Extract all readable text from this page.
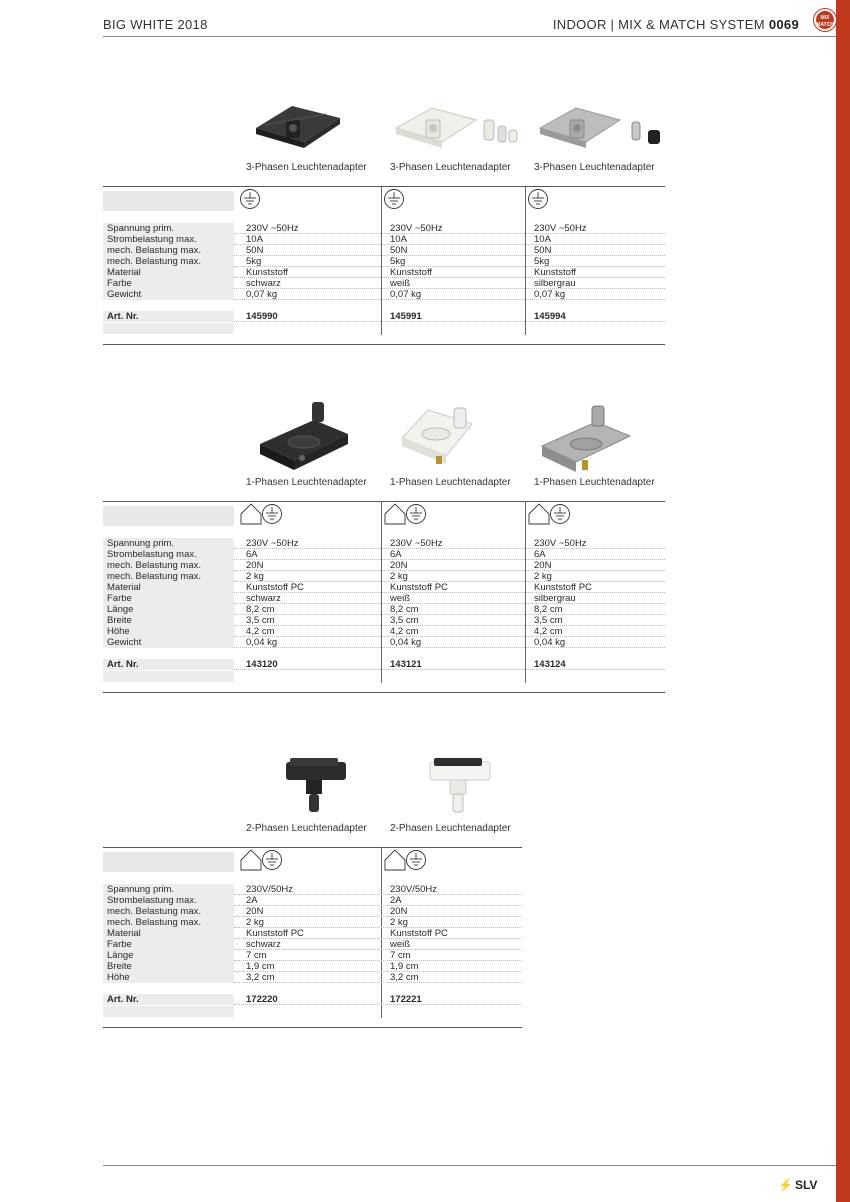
BIG WHITE 2018	INDOOR | MIX & MATCH SYSTEM 0069	MIX
MATCH
3-Phasen Leuchtenadapter 3-Phasen Leuchtenadapter 3-Phasen Leuchtenadapter
Spannung prim.	230V ~50Hz	230V ~50Hz	230V ~50Hz
Strombelastung max.	10A	10A	10A
mech. Belastung max.	50N	50N	50N
mech. Belastung max.	5kg	5kg	5kg
Material	Kunststoff	Kunststoff	Kunststoff
Farbe	schwarz	weiß	silbergrau
Gewicht	0,07 kg	0,07 kg	0,07 kg
Art. Nr.	145990	145991	145994
1-Phasen Leuchtenadapter 1-Phasen Leuchtenadapter 1-Phasen Leuchtenadapter
Spannung prim.	230V ~50Hz	230V ~50Hz	230V ~50Hz
Strombelastung max.	6A	6A	6A
mech. Belastung max.	20N	20N	20N
mech. Belastung max.	2 kg	2 kg	2 kg
Material	Kunststoff PC	Kunststoff PC	Kunststoff PC
Farbe	schwarz	weiß	silbergrau
Länge	8,2 cm	8,2 cm	8,2 cm
Breite	3,5 cm	3,5 cm	3,5 cm
Höhe	4,2 cm	4,2 cm	4,2 cm
Gewicht	0,04 kg	0,04 kg	0,04 kg
Art. Nr.	143120	143121	143124
2-Phasen Leuchtenadapter 2-Phasen Leuchtenadapter
Spannung prim.	230V/50Hz	230V/50Hz
Strombelastung max.	2A	2A
mech. Belastung max.	20N	20N
mech. Belastung max.	2 kg	2 kg
Material	Kunststoff PC	Kunststoff PC
Farbe	schwarz	weiß
Länge	7 cm	7 cm
Breite	1,9 cm	1,9 cm
Höhe	3,2 cm	3,2 cm
Art. Nr.	172220	172221
⚡ SLV
